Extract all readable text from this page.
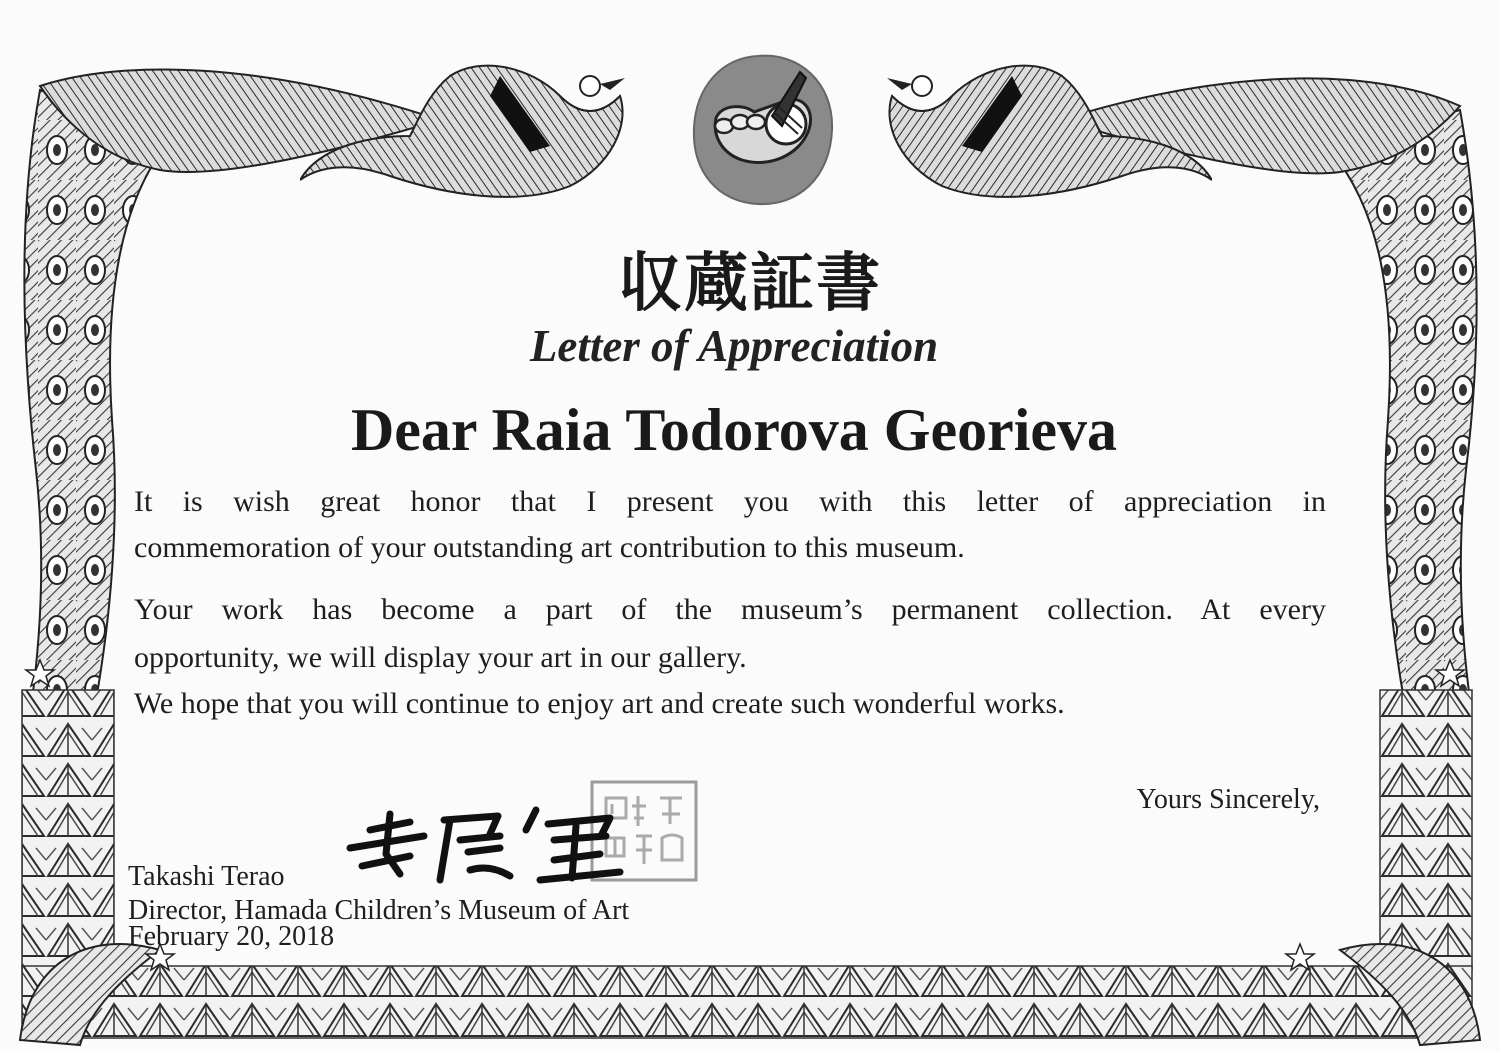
収蔵証書
Letter of Appreciation
Dear Raia Todorova Georieva
It is wish great honor that I present you with this letter of appreciation in
commemoration of your outstanding art contribution to this museum.
Your work has become a part of the museum’s permanent collection. At every
opportunity, we will display your art in our gallery.
We hope that you will continue to enjoy art and create such wonderful works.
Yours Sincerely,
Takashi Terao
Director, Hamada Children’s Museum of Art
February 20, 2018
